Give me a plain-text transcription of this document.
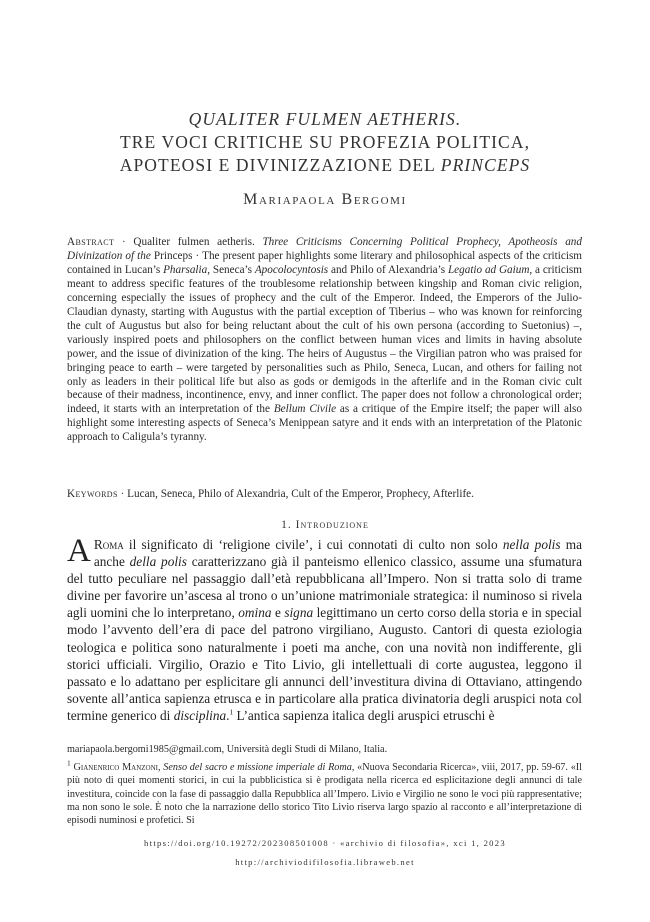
QUALITER FULMEN AETHERIS.
TRE VOCI CRITICHE SU PROFEZIA POLITICA,
APOTEOSI E DIVINIZZAZIONE DEL PRINCEPS
Mariapaola Bergomi
Abstract · Qualiter fulmen aetheris. Three Criticisms Concerning Political Prophecy, Apotheosis and Divinization of the Princeps · The present paper highlights some literary and philosophical aspects of the criticism contained in Lucan’s Pharsalia, Seneca’s Apocolocyntosis and Philo of Alexandria’s Legatio ad Gaium, a criticism meant to address specific features of the troublesome relationship between kingship and Roman civic religion, concerning especially the issues of prophecy and the cult of the Emperor. Indeed, the Emperors of the Julio-Claudian dynasty, starting with Augustus with the partial exception of Tiberius – who was known for reinforcing the cult of Augustus but also for being reluctant about the cult of his own persona (according to Suetonius) –, variously inspired poets and philosophers on the conflict between human vices and limits in having absolute power, and the issue of divinization of the king. The heirs of Augustus – the Virgilian patron who was praised for bringing peace to earth – were targeted by personalities such as Philo, Seneca, Lucan, and others for failing not only as leaders in their political life but also as gods or demigods in the afterlife and in the Roman civic cult because of their madness, incontinence, envy, and inner conflict. The paper does not follow a chronological order; indeed, it starts with an interpretation of the Bellum Civile as a critique of the Empire itself; the paper will also highlight some interesting aspects of Seneca’s Menippean satyre and it ends with an interpretation of the Platonic approach to Caligula’s tyranny.
Keywords · Lucan, Seneca, Philo of Alexandria, Cult of the Emperor, Prophecy, Afterlife.
1. Introduzione
A Roma il significato di ‘religione civile’, i cui connotati di culto non solo nella polis ma anche della polis caratterizzano già il panteismo ellenico classico, assume una sfumatura del tutto peculiare nel passaggio dall’età repubblicana all’Impero. Non si tratta solo di trame divine per favorire un’ascesa al trono o un’unione matrimoniale strategica: il numinoso si rivela agli uomini che lo interpretano, omina e signa legittimano un certo corso della storia e in special modo l’avvento dell’era di pace del patrono virgiliano, Augusto. Cantori di questa eziologia teologica e politica sono naturalmente i poeti ma anche, con una novità non indifferente, gli storici ufficiali. Virgilio, Orazio e Tito Livio, gli intellettuali di corte augustea, leggono il passato e lo adattano per esplicitare gli annunci dell’investitura divina di Ottaviano, attingendo sovente all’antica sapienza etrusca e in particolare alla pratica divinatoria degli aruspici nota col termine generico di disciplina.$^1$ L’antica sapienza italica degli aruspici etruschi è
mariapaola.bergomi1985@gmail.com, Università degli Studi di Milano, Italia.
$^1$ Gianenrico Manzoni, Senso del sacro e missione imperiale di Roma, «Nuova Secondaria Ricerca», viii, 2017, pp. 59-67. «Il più noto di quei momenti storici, in cui la pubblicistica si è prodigata nella ricerca ed esplicitazione degli annunci di tale investitura, coincide con la fase di passaggio dalla Repubblica all’Impero. Livio e Virgilio ne sono le voci più rappresentative; ma non sono le sole. È noto che la narrazione dello storico Tito Livio riserva largo spazio al racconto e all’interpretazione di episodi numinosi e profetici. Si
https://doi.org/10.19272/202308501008 · «archivio di filosofia», xci 1, 2023
http://archiviodifilosofia.libraweb.net
